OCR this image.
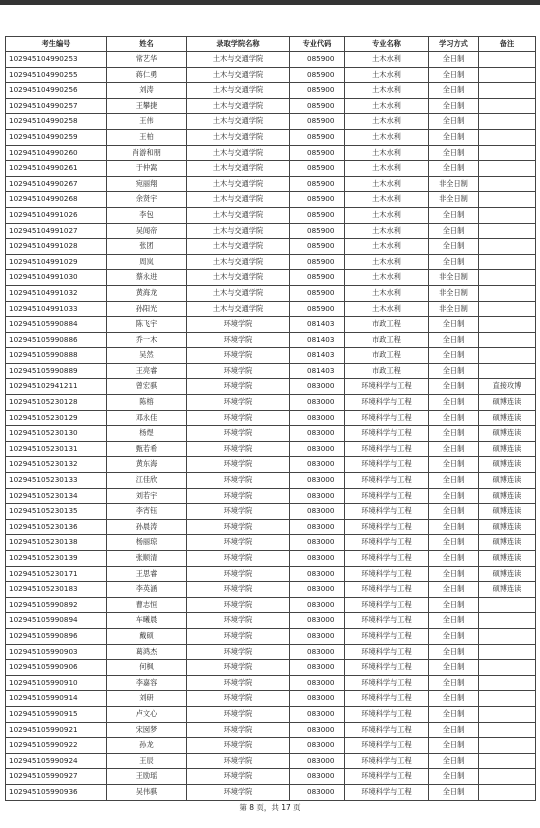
考生编号	姓名	录取学院名称	专业代码	专业名称	学习方式	备注
102945104990253	常艺华	土木与交通学院	085900	土木水利	全日制	
102945104990255	蒋仁勇	土木与交通学院	085900	土木水利	全日制	
102945104990256	刘涛	土木与交通学院	085900	土木水利	全日制	
102945104990257	王攀捷	土木与交通学院	085900	土木水利	全日制	
102945104990258	王伟	土木与交通学院	085900	土木水利	全日制	
102945104990259	王柏	土木与交通学院	085900	土木水利	全日制	
102945104990260	肖游和朋	土木与交通学院	085900	土木水利	全日制	
102945104990261	于仲嵩	土木与交通学院	085900	土木水利	全日制	
102945104990267	宛丽翔	土木与交通学院	085900	土木水利	非全日制	
102945104990268	余贤宇	土木与交通学院	085900	土木水利	非全日制	
102945104991026	李包	土木与交通学院	085900	土木水利	全日制	
102945104991027	吴闻帝	土木与交通学院	085900	土木水利	全日制	
102945104991028	张团	土木与交通学院	085900	土木水利	全日制	
102945104991029	周岚	土木与交通学院	085900	土木水利	全日制	
102945104991030	蔡永进	土木与交通学院	085900	土木水利	非全日制	
102945104991032	黄海龙	土木与交通学院	085900	土木水利	非全日制	
102945104991033	孙阳光	土木与交通学院	085900	土木水利	非全日制	
102945105990884	陈飞宇	环境学院	081403	市政工程	全日制	
102945105990886	乔一木	环境学院	081403	市政工程	全日制	
102945105990888	吴然	环境学院	081403	市政工程	全日制	
102945105990889	王亮睿	环境学院	081403	市政工程	全日制	
102945102941211	曾宏骐	环境学院	083000	环境科学与工程	全日制	直接攻博
102945105230128	陈榕	环境学院	083000	环境科学与工程	全日制	硕博连读
102945105230129	邓永佳	环境学院	083000	环境科学与工程	全日制	硕博连读
102945105230130	杨煜	环境学院	083000	环境科学与工程	全日制	硕博连读
102945105230131	甄若希	环境学院	083000	环境科学与工程	全日制	硕博连读
102945105230132	黄东海	环境学院	083000	环境科学与工程	全日制	硕博连读
102945105230133	江佳欣	环境学院	083000	环境科学与工程	全日制	硕博连读
102945105230134	刘若宇	环境学院	083000	环境科学与工程	全日制	硕博连读
102945105230135	李宵钰	环境学院	083000	环境科学与工程	全日制	硕博连读
102945105230136	孙晨涛	环境学院	083000	环境科学与工程	全日制	硕博连读
102945105230138	杨丽琼	环境学院	083000	环境科学与工程	全日制	硕博连读
102945105230139	张顺清	环境学院	083000	环境科学与工程	全日制	硕博连读
102945105230171	王思睿	环境学院	083000	环境科学与工程	全日制	硕博连读
102945105230183	李英涵	环境学院	083000	环境科学与工程	全日制	硕博连读
102945105990892	曹志恒	环境学院	083000	环境科学与工程	全日制	
102945105990894	车曦晨	环境学院	083000	环境科学与工程	全日制	
102945105990896	戴硕	环境学院	083000	环境科学与工程	全日制	
102945105990903	葛鸿杰	环境学院	083000	环境科学与工程	全日制	
102945105990906	何枫	环境学院	083000	环境科学与工程	全日制	
102945105990910	李嘉容	环境学院	083000	环境科学与工程	全日制	
102945105990914	刘研	环境学院	083000	环境科学与工程	全日制	
102945105990915	卢文心	环境学院	083000	环境科学与工程	全日制	
102945105990921	宋囡梦	环境学院	083000	环境科学与工程	全日制	
102945105990922	孙龙	环境学院	083000	环境科学与工程	全日制	
102945105990924	王辰	环境学院	083000	环境科学与工程	全日制	
102945105990927	王励瑶	环境学院	083000	环境科学与工程	全日制	
102945105990936	吴伟骐	环境学院	083000	环境科学与工程	全日制	
第 8 页，共 17 页
